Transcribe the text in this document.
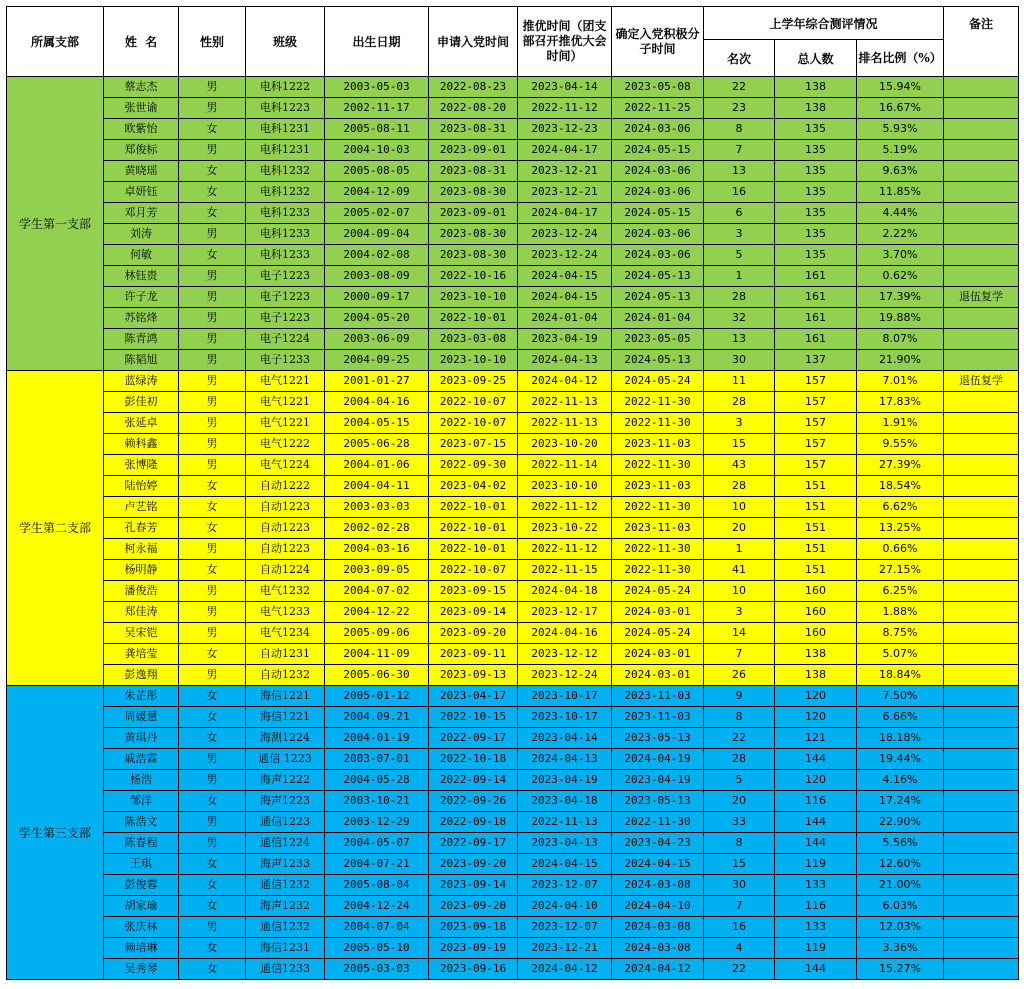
所属支部	姓  名	性别	班级	出生日期	申请入党时间	推优时间（团支部召开推优大会时间）	确定入党积极分子时间	上学年综合测评情况			备注
								名次	总人数	排名比例（%）	
学生第一支部	蔡志杰	男	电科1222	2003-05-03	2022-08-23	2023-04-14	2023-05-08	22	138	15.94%	
	张世谕	男	电科1223	2002-11-17	2022-08-20	2022-11-12	2022-11-25	23	138	16.67%	
	欧紫怡	女	电科1231	2005-08-11	2023-08-31	2023-12-23	2024-03-06	8	135	5.93%	
	郑俊标	男	电科1231	2004-10-03	2023-09-01	2024-04-17	2024-05-15	7	135	5.19%	
	黄晓瑶	女	电科1232	2005-08-05	2023-08-31	2023-12-21	2024-03-06	13	135	9.63%	
	卓妍钰	女	电科1232	2004-12-09	2023-08-30	2023-12-21	2024-03-06	16	135	11.85%	
	邓月芳	女	电科1233	2005-02-07	2023-09-01	2024-04-17	2024-05-15	6	135	4.44%	
	刘涛	男	电科1233	2004-09-04	2023-08-30	2023-12-24	2024-03-06	3	135	2.22%	
	何敏	女	电科1233	2004-02-08	2023-08-30	2023-12-24	2024-03-06	5	135	3.70%	
	林钰贵	男	电子1223	2003-08-09	2022-10-16	2024-04-15	2024-05-13	1	161	0.62%	
	许子龙	男	电子1223	2000-09-17	2023-10-10	2024-04-15	2024-05-13	28	161	17.39%	退伍复学
	苏铭烽	男	电子1223	2004-05-20	2022-10-01	2024-01-04	2024-01-04	32	161	19.88%	
	陈青鸿	男	电子1224	2003-06-09	2023-03-08	2023-04-19	2023-05-05	13	161	8.07%	
	陈韬旭	男	电子1233	2004-09-25	2023-10-10	2024-04-13	2024-05-13	30	137	21.90%	
学生第二支部	蓝绿涛	男	电气1221	2001-01-27	2023-09-25	2024-04-12	2024-05-24	11	157	7.01%	退伍复学
	彭佳初	男	电气1221	2004-04-16	2022-10-07	2022-11-13	2022-11-30	28	157	17.83%	
	张延卓	男	电气1221	2004-05-15	2022-10-07	2022-11-13	2022-11-30	3	157	1.91%	
	赖科鑫	男	电气1222	2005-06-28	2023-07-15	2023-10-20	2023-11-03	15	157	9.55%	
	张博隆	男	电气1224	2004-01-06	2022-09-30	2022-11-14	2022-11-30	43	157	27.39%	
	陆怡婷	女	自动1222	2004-04-11	2023-04-02	2023-10-10	2023-11-03	28	151	18.54%	
	卢艺铭	女	自动1223	2003-03-03	2022-10-01	2022-11-12	2022-11-30	10	151	6.62%	
	孔春芳	女	自动1223	2002-02-28	2022-10-01	2023-10-22	2023-11-03	20	151	13.25%	
	柯永福	男	自动1223	2004-03-16	2022-10-01	2022-11-12	2022-11-30	1	151	0.66%	
	杨明静	女	自动1224	2003-09-05	2022-10-07	2022-11-15	2022-11-30	41	151	27.15%	
	潘俊浩	男	电气1232	2004-07-02	2023-09-15	2024-04-18	2024-05-24	10	160	6.25%	
	郑佳涛	男	电气1233	2004-12-22	2023-09-14	2023-12-17	2024-03-01	3	160	1.88%	
	吴宋铠	男	电气1234	2005-09-06	2023-09-20	2024-04-16	2024-05-24	14	160	8.75%	
	龚培莹	女	自动1231	2004-11-09	2023-09-11	2023-12-12	2024-03-01	7	138	5.07%	
	彭逸翔	男	自动1232	2005-06-30	2023-09-13	2023-12-24	2024-03-01	26	138	18.84%	
学生第三支部	朱芷彤	女	海信1221	2005-01-12	2023-04-17	2023-10-17	2023-11-03	9	120	7.50%	
	周媛慧	女	海信1221	2004.09.21	2022-10-15	2023-10-17	2023-11-03	8	120	6.66%	
	黄琪丹	女	海测1224	2004-01-19	2022-09-17	2023-04-14	2023-05-13	22	121	18.18%	
	戚浩霖	男	通信 1223	2003-07-01	2022-10-18	2024-04-13	2024-04-19	28	144	19.44%	
	杨浩	男	海声1222	2004-05-28	2022-09-14	2023-04-19	2023-04-19	5	120	4.16%	
	邹洋	女	海声1223	2003-10-21	2022-09-26	2023-04-18	2023-05-13	20	116	17.24%	
	陈浩文	男	通信1223	2003-12-29	2022-09-18	2022-11-13	2022-11-30	33	144	22.90%	
	陈春程	男	通信1224	2004-05-07	2022-09-17	2023-04-13	2023-04-23	8	144	5.56%	
	王琪	女	海声1233	2004-07-21	2023-09-20	2024-04-15	2024-04-15	15	119	12.60%	
	彭俊蓉	女	通信1232	2005-08-04	2023-09-14	2023-12-07	2024-03-08	30	133	21.00%	
	胡家瑜	女	海声1232	2004-12-24	2023-09-20	2024-04-10	2024-04-10	7	116	6.03%	
	张庆林	男	通信1232	2004-07-04	2023-09-18	2023-12-07	2024-03-08	16	133	12.03%	
	赖培琳	女	海信1231	2005-05-10	2023-09-19	2023-12-21	2024-03-08	4	119	3.36%	
	吴秀琴	女	通信1233	2005-03-03	2023-09-16	2024-04-12	2024-04-12	22	144	15.27%	
